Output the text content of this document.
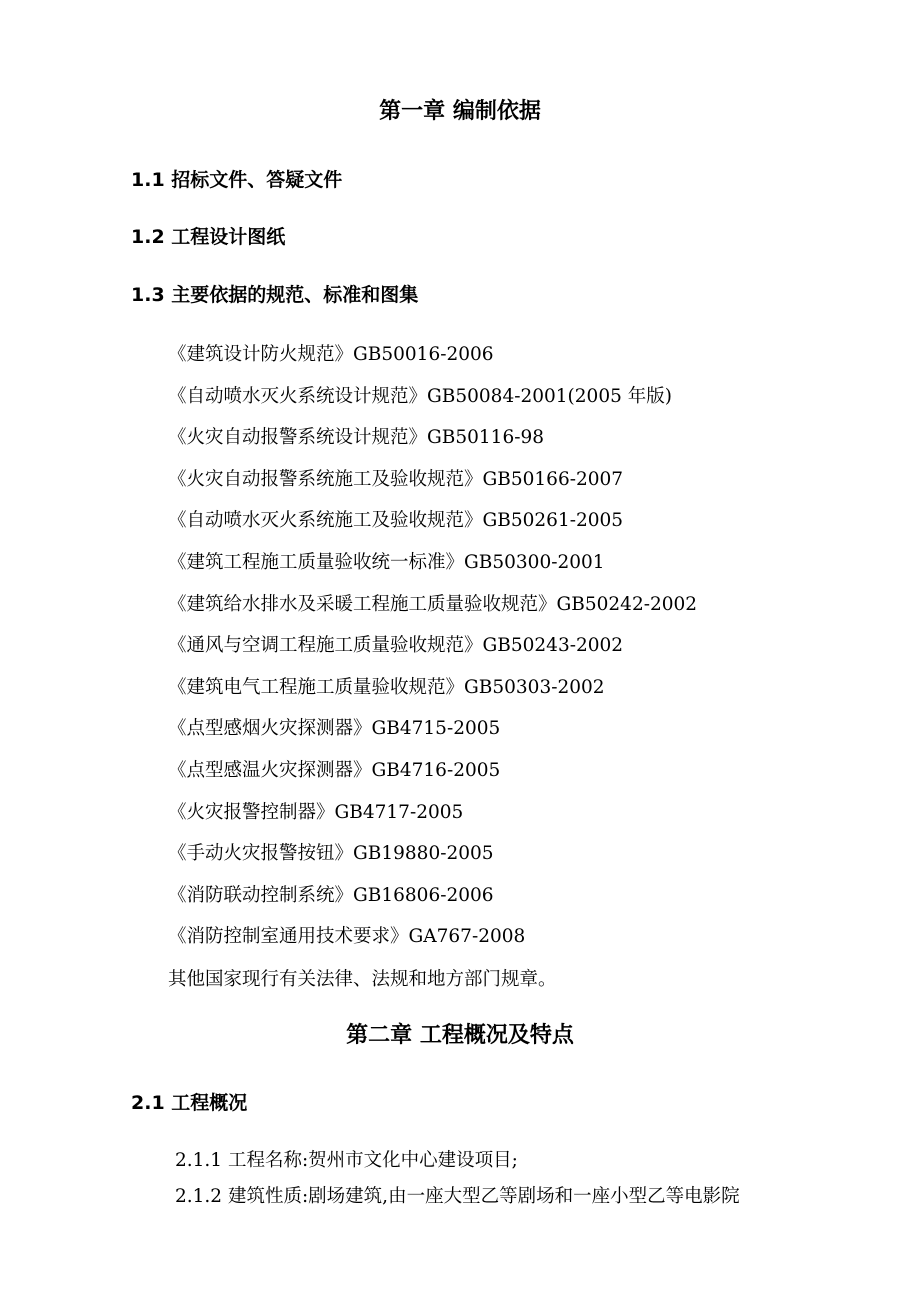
第一章 编制依据
1.1 招标文件、答疑文件
1.2 工程设计图纸
1.3 主要依据的规范、标准和图集
《建筑设计防火规范》GB50016-2006
《自动喷水灭火系统设计规范》GB50084-2001(2005 年版)
《火灾自动报警系统设计规范》GB50116-98
《火灾自动报警系统施工及验收规范》GB50166-2007
《自动喷水灭火系统施工及验收规范》GB50261-2005
《建筑工程施工质量验收统一标准》GB50300-2001
《建筑给水排水及采暖工程施工质量验收规范》GB50242-2002
《通风与空调工程施工质量验收规范》GB50243-2002
《建筑电气工程施工质量验收规范》GB50303-2002
《点型感烟火灾探测器》GB4715-2005
《点型感温火灾探测器》GB4716-2005
《火灾报警控制器》GB4717-2005
《手动火灾报警按钮》GB19880-2005
《消防联动控制系统》GB16806-2006
《消防控制室通用技术要求》GA767-2008
其他国家现行有关法律、法规和地方部门规章。
第二章 工程概况及特点
2.1 工程概况
2.1.1 工程名称:贺州市文化中心建设项目;
2.1.2 建筑性质:剧场建筑,由一座大型乙等剧场和一座小型乙等电影院
